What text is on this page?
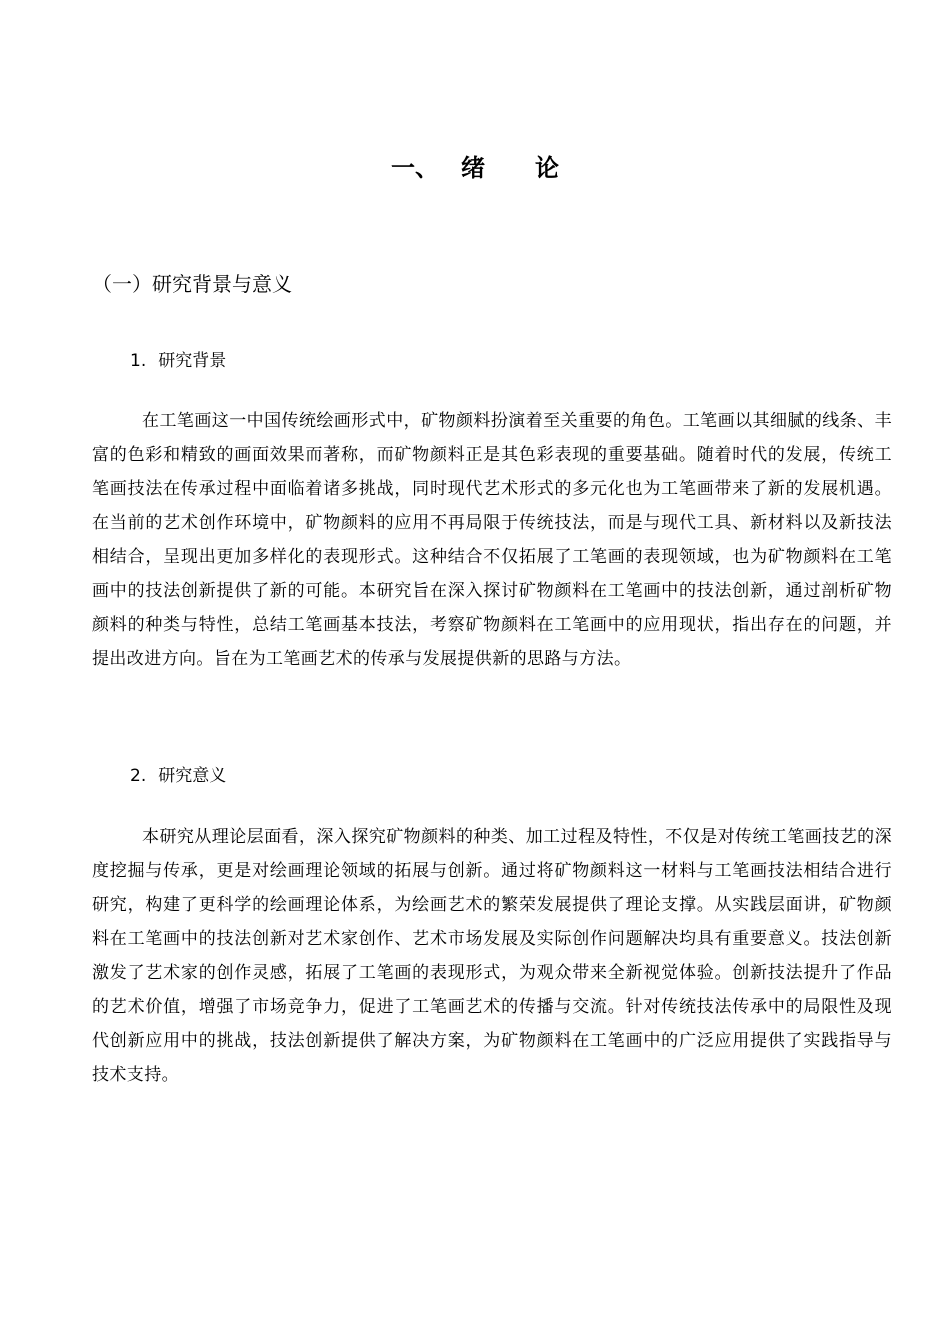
一、 绪 论
（一）研究背景与意义
1. 研究背景

在工笔画这一中国传统绘画形式中，矿物颜料扮演着至关重要的角色。工笔画以其细腻的线条、丰富的色彩和精致的画面效果而著称，而矿物颜料正是其色彩表现的重要基础。随着时代的发展，传统工笔画技法在传承过程中面临着诸多挑战，同时现代艺术形式的多元化也为工笔画带来了新的发展机遇。在当前的艺术创作环境中，矿物颜料的应用不再局限于传统技法，而是与现代工具、新材料以及新技法相结合，呈现出更加多样化的表现形式。这种结合不仅拓展了工笔画的表现领域，也为矿物颜料在工笔画中的技法创新提供了新的可能。本研究旨在深入探讨矿物颜料在工笔画中的技法创新，通过剖析矿物颜料的种类与特性，总结工笔画基本技法，考察矿物颜料在工笔画中的应用现状，指出存在的问题，并提出改进方向。旨在为工笔画艺术的传承与发展提供新的思路与方法。

2. 研究意义

本研究从理论层面看，深入探究矿物颜料的种类、加工过程及特性，不仅是对传统工笔画技艺的深度挖掘与传承，更是对绘画理论领域的拓展与创新。通过将矿物颜料这一材料与工笔画技法相结合进行研究，构建了更科学的绘画理论体系，为绘画艺术的繁荣发展提供了理论支撑。从实践层面讲，矿物颜料在工笔画中的技法创新对艺术家创作、艺术市场发展及实际创作问题解决均具有重要意义。技法创新激发了艺术家的创作灵感，拓展了工笔画的表现形式，为观众带来全新视觉体验。创新技法提升了作品的艺术价值，增强了市场竞争力，促进了工笔画艺术的传播与交流。针对传统技法传承中的局限性及现代创新应用中的挑战，技法创新提供了解决方案，为矿物颜料在工笔画中的广泛应用提供了实践指导与技术支持。
